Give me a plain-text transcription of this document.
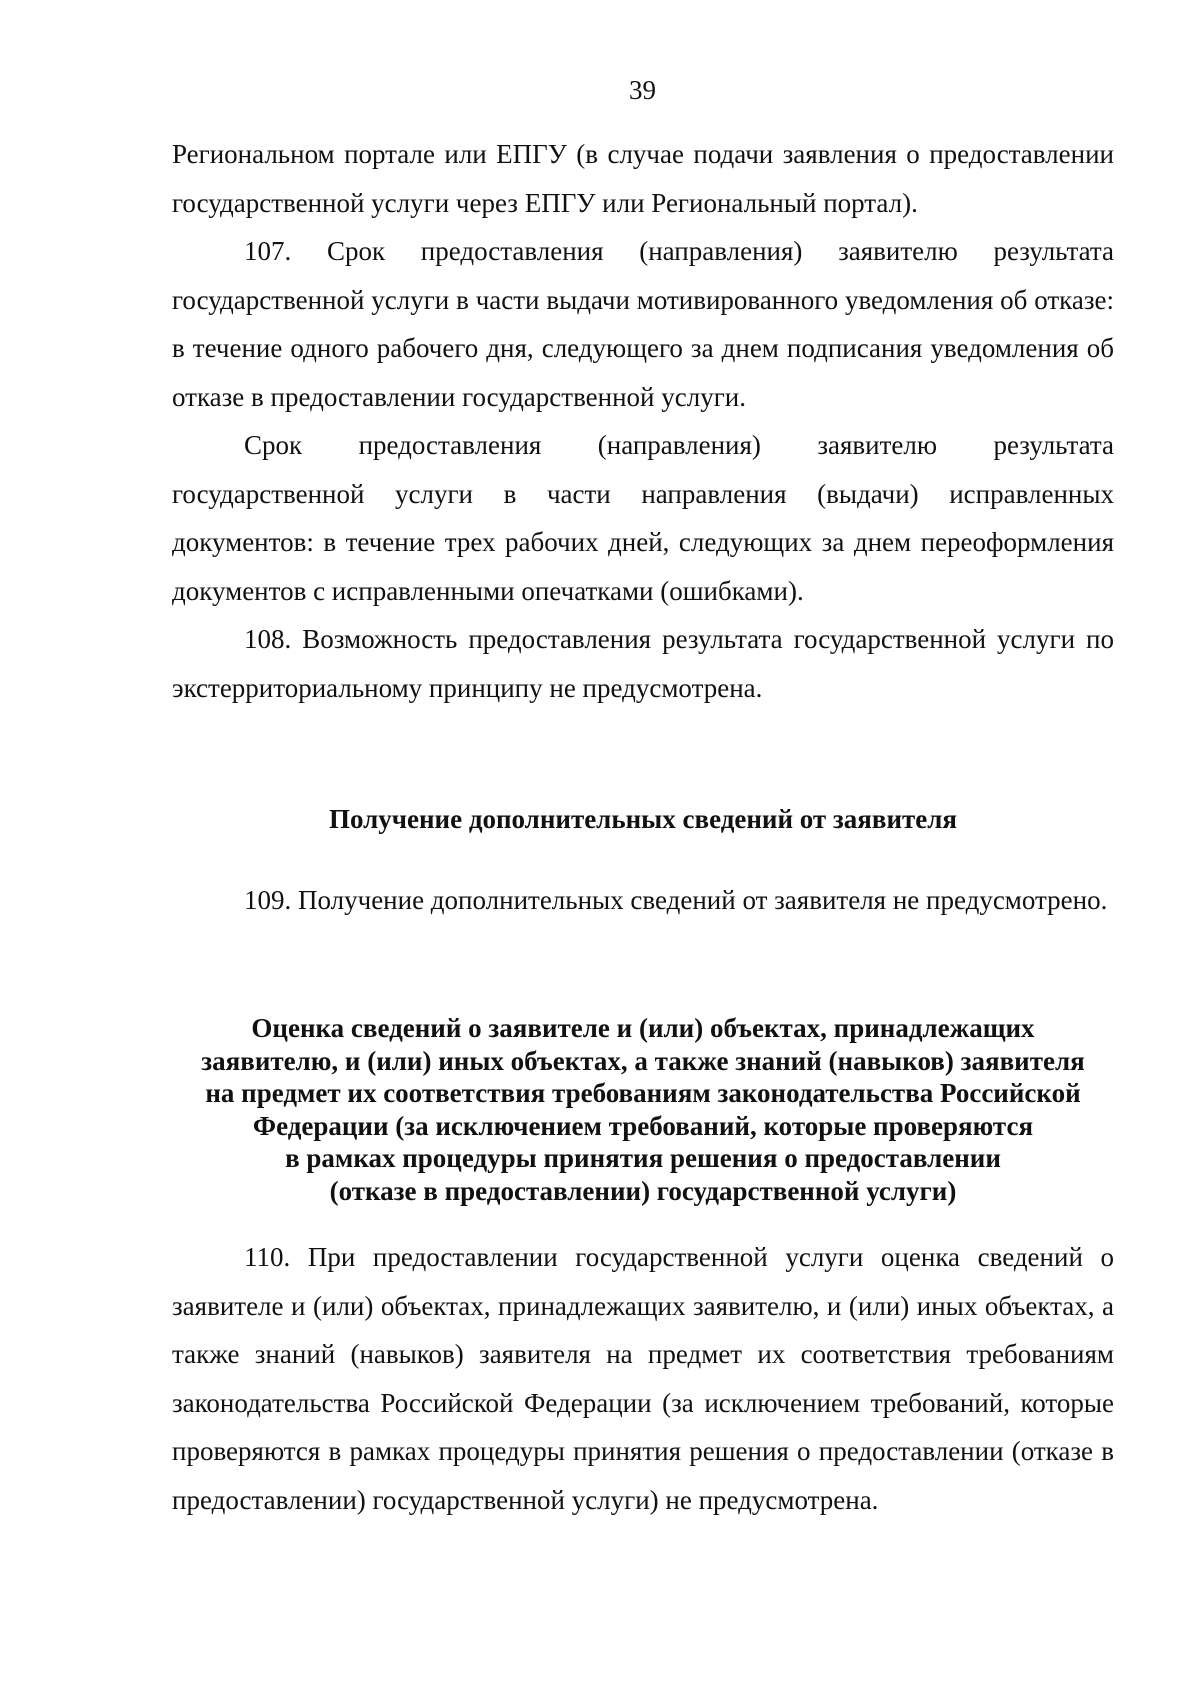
39

Региональном портале или ЕПГУ (в случае подачи заявления о предоставлении государственной услуги через ЕПГУ или Региональный портал).

107. Срок предоставления (направления) заявителю результата государственной услуги в части выдачи мотивированного уведомления об отказе: в течение одного рабочего дня, следующего за днем подписания уведомления об отказе в предоставлении государственной услуги.

Срок предоставления (направления) заявителю результата государственной услуги в части направления (выдачи) исправленных документов: в течение трех рабочих дней, следующих за днем переоформления документов с исправленными опечатками (ошибками).

108. Возможность предоставления результата государственной услуги по экстерриториальному принципу не предусмотрена.

Получение дополнительных сведений от заявителя

109. Получение дополнительных сведений от заявителя не предусмотрено.

Оценка сведений о заявителе и (или) объектах, принадлежащих
заявителю, и (или) иных объектах, а также знаний (навыков) заявителя
на предмет их соответствия требованиям законодательства Российской
Федерации (за исключением требований, которые проверяются
в рамках процедуры принятия решения о предоставлении
(отказе в предоставлении) государственной услуги)

110. При предоставлении государственной услуги оценка сведений о заявителе и (или) объектах, принадлежащих заявителю, и (или) иных объектах, а также знаний (навыков) заявителя на предмет их соответствия требованиям законодательства Российской Федерации (за исключением требований, которые проверяются в рамках процедуры принятия решения о предоставлении (отказе в предоставлении) государственной услуги) не предусмотрена.
